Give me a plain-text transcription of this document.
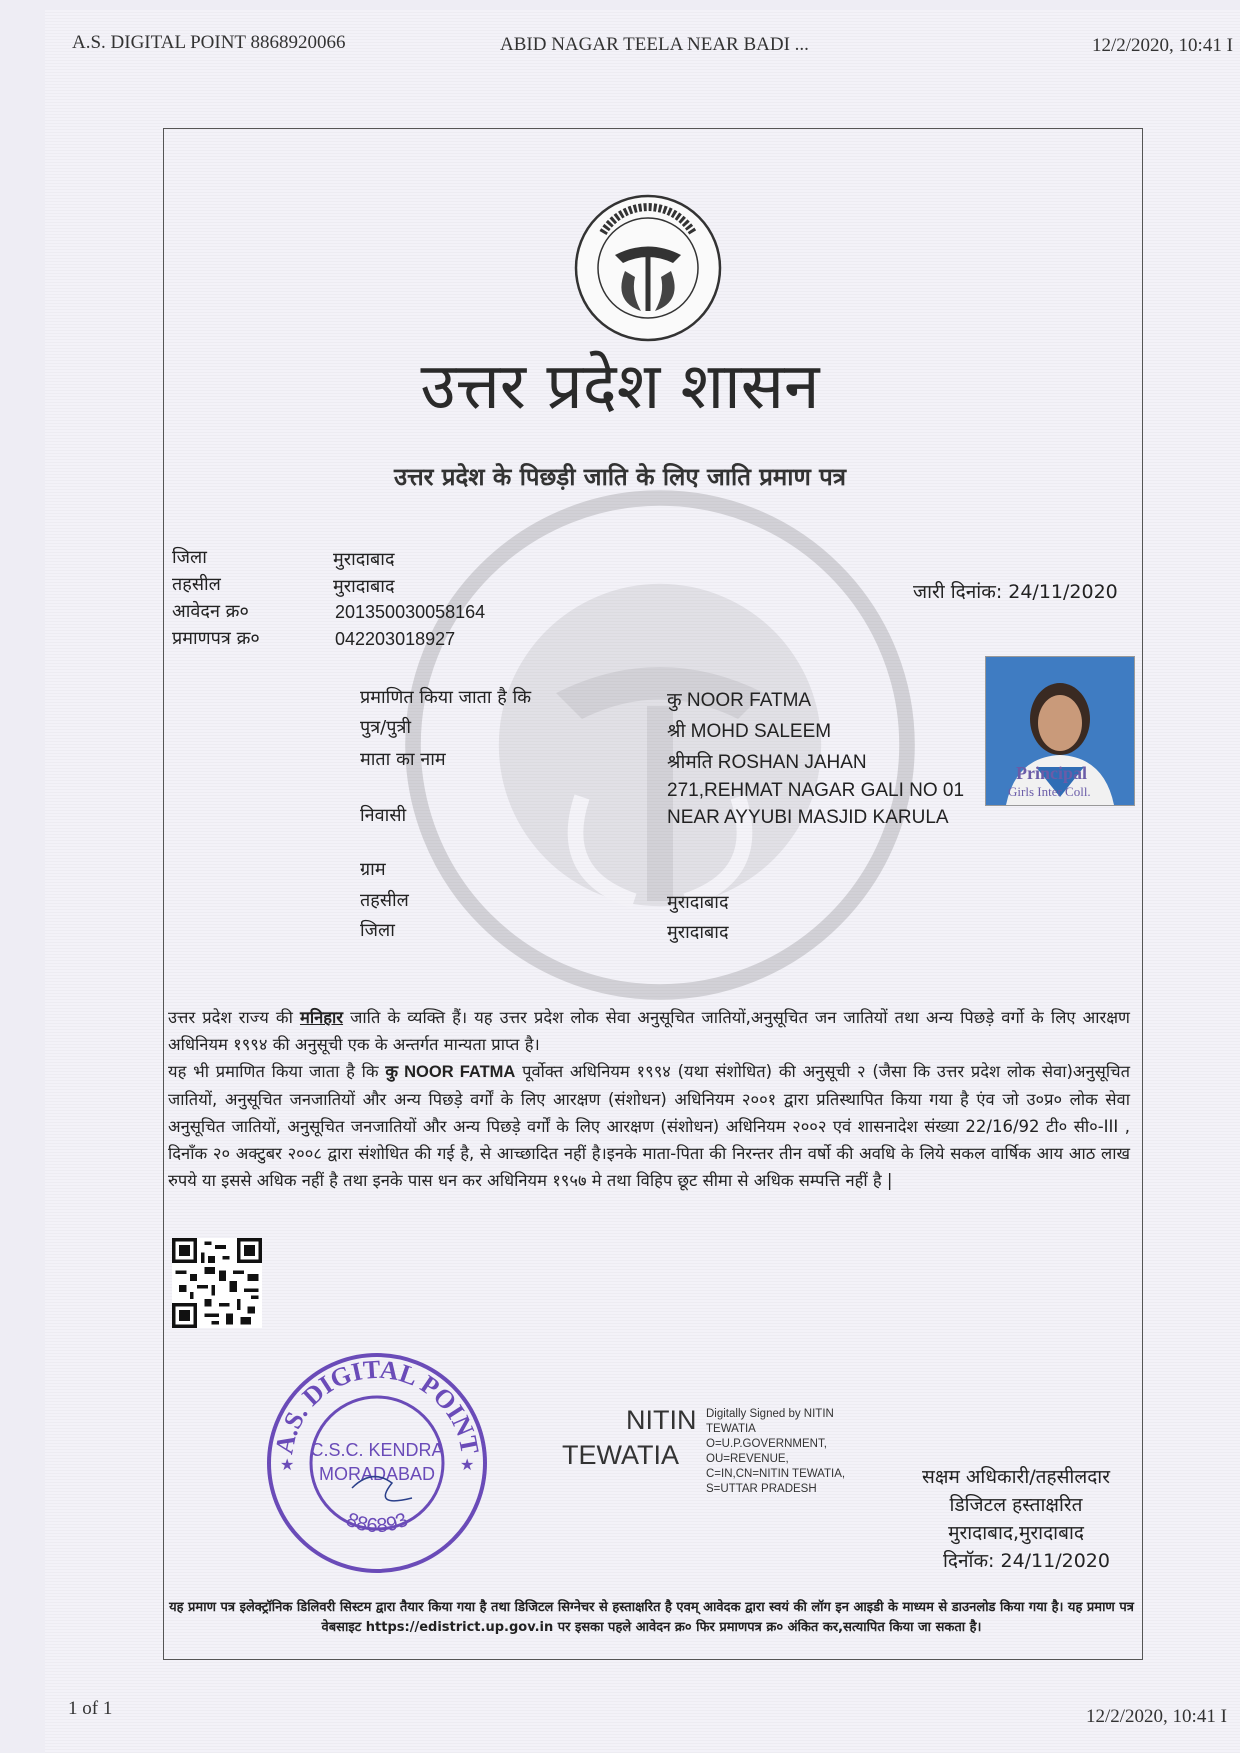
A.S. DIGITAL POINT 8868920066	ABID NAGAR TEELA NEAR BADI ...	12/2/2020, 10:41 I
1 of 1	12/2/2020, 10:41 I
उत्तर प्रदेश शासन
उत्तर प्रदेश के पिछड़ी जाति के लिए जाति प्रमाण पत्र
जिला	मुरादाबाद
तहसील	मुरादाबाद
आवेदन क्र०	201350030058164
प्रमाणपत्र क्र०	042203018927
जारी दिनांक: 24/11/2020
प्रमाणित किया जाता है कि	कु NOOR FATMA
पुत्र/पुत्री	श्री MOHD SALEEM
माता का नाम	श्रीमति ROSHAN JAHAN
निवासी
271,REHMAT NAGAR GALI NO 01 NEAR AYYUBI MASJID KARULA
ग्राम
तहसील	मुरादाबाद
जिला	मुरादाबाद
Principal
Girls Inter Coll.
उत्तर प्रदेश राज्य की मनिहार जाति के व्यक्ति हैं। यह उत्तर प्रदेश लोक सेवा अनुसूचित जातियों,अनुसूचित जन जातियों तथा अन्य पिछड़े वर्गो के लिए आरक्षण अधिनियम १९९४ की अनुसूची एक के अन्तर्गत मान्यता प्राप्त है।
यह भी प्रमाणित किया जाता है कि कु NOOR FATMA पूर्वोक्त अधिनियम १९९४ (यथा संशोधित) की अनुसूची २ (जैसा कि उत्तर प्रदेश लोक सेवा)अनुसूचित जातियों, अनुसूचित जनजातियों और अन्य पिछड़े वर्गों के लिए आरक्षण (संशोधन) अधिनियम २००१ द्वारा प्रतिस्थापित किया गया है एंव जो उ०प्र० लोक सेवा अनुसूचित जातियों, अनुसूचित जनजातियों और अन्य पिछड़े वर्गों के लिए आरक्षण (संशोधन) अधिनियम २००२ एवं शासनादेश संख्या 22/16/92 टी० सी०-III , दिनाँक २० अक्टुबर २००८ द्वारा संशोधित की गई है, से आच्छादित नहीं है।इनके माता-पिता की निरन्तर तीन वर्षो की अवधि के लिये सकल वार्षिक आय आठ लाख रुपये या इससे अधिक नहीं है तथा इनके पास धन कर अधिनियम १९५७ मे तथा विहिप छूट सीमा से अधिक सम्पत्ति नहीं है |
A.S. DIGITAL POINT
886893
C.S.C. KENDRA
MORADABAD
★	★
NITIN
TEWATIA
Digitally Signed by NITIN TEWATIA O=U.P.GOVERNMENT, OU=REVENUE, C=IN,CN=NITIN TEWATIA, S=UTTAR PRADESH
सक्षम अधिकारी/तहसीलदार
डिजिटल हस्ताक्षरित
मुरादाबाद,मुरादाबाद
दिनॉक: 24/11/2020
यह प्रमाण पत्र इलेक्ट्रॉनिक डिलिवरी सिस्टम द्वारा तैयार किया गया है तथा डिजिटल सिग्नेचर से हस्ताक्षरित है एवम् आवेदक द्वारा स्वयं की लॉग इन आइडी के माध्यम से डाउनलोड किया गया है। यह प्रमाण पत्र वेबसाइट https://edistrict.up.gov.in पर इसका पहले आवेदन क्र० फिर प्रमाणपत्र क्र० अंकित कर,सत्यापित किया जा सकता है।
